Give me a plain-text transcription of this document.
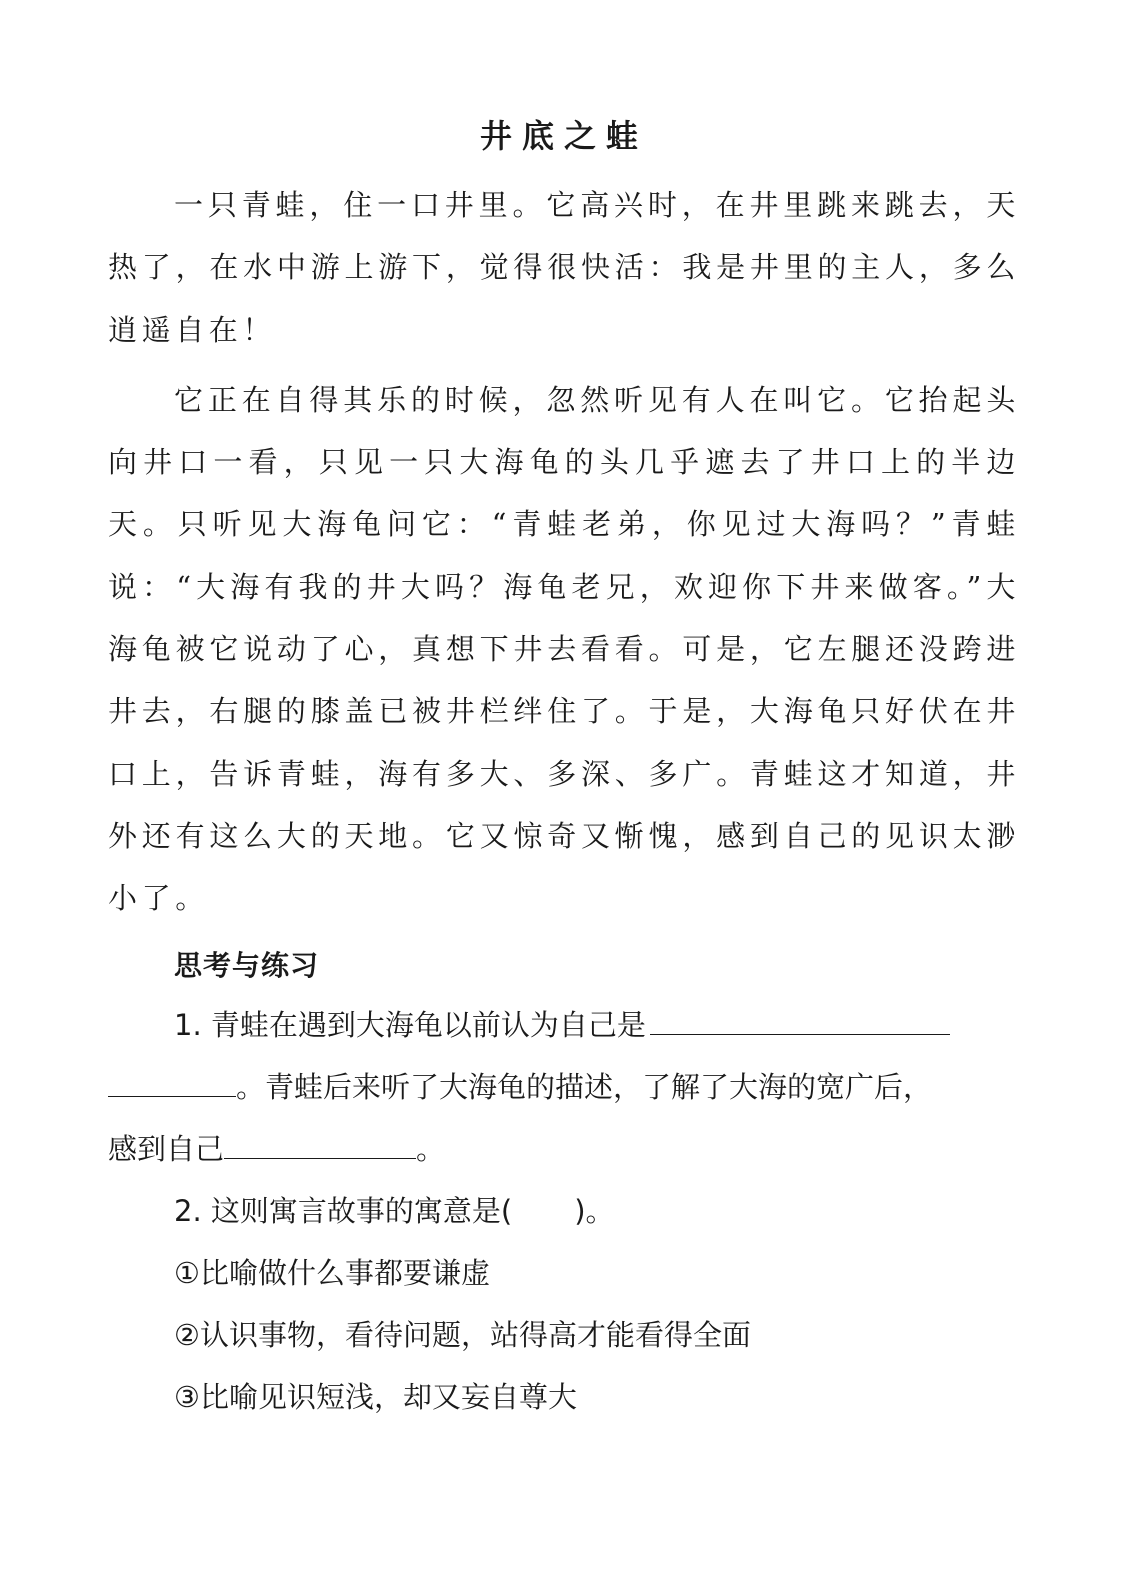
井底之蛙

一只青蛙，住一口井里。它高兴时，在井里跳来跳去，天热了，在水中游上游下，觉得很快活：我是井里的主人，多么逍遥自在！

它正在自得其乐的时候，忽然听见有人在叫它。它抬起头向井口一看，只见一只大海龟的头几乎遮去了井口上的半边天。只听见大海龟问它：“青蛙老弟，你见过大海吗？”青蛙说：“大海有我的井大吗？海龟老兄，欢迎你下井来做客。”大海龟被它说动了心，真想下井去看看。可是，它左腿还没跨进井去，右腿的膝盖已被井栏绊住了。于是，大海龟只好伏在井口上，告诉青蛙，海有多大、多深、多广。青蛙这才知道，井外还有这么大的天地。它又惊奇又惭愧，感到自己的见识太渺小了。

思考与练习

1. 青蛙在遇到大海龟以前认为自己是

。青蛙后来听了大海龟的描述，了解了大海的宽广后，

感到自己	。

2. 这则寓言故事的寓意是( )。

①比喻做什么事都要谦虚

②认识事物，看待问题，站得高才能看得全面

③比喻见识短浅，却又妄自尊大
